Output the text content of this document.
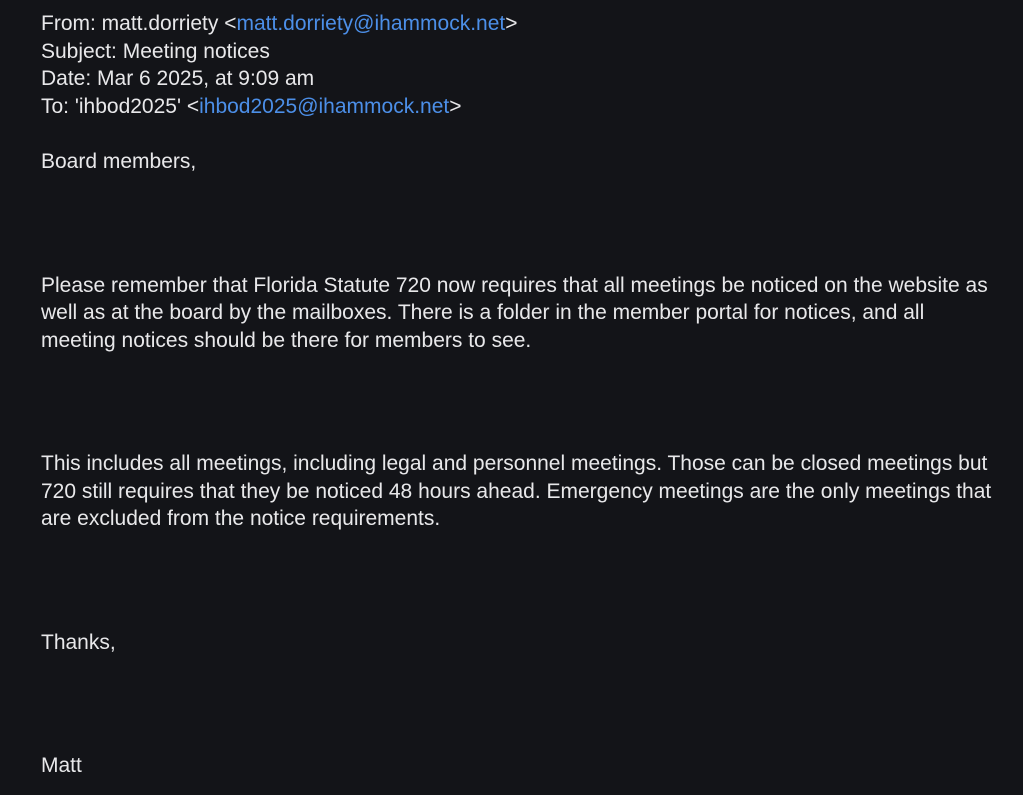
From: matt.dorriety <matt.dorriety@ihammock.net>
Subject: Meeting notices
Date: Mar 6 2025, at 9:09 am
To: 'ihbod2025' <ihbod2025@ihammock.net>

Board members,

Please remember that Florida Statute 720 now requires that all meetings be noticed on the website as well as at the board by the mailboxes. There is a folder in the member portal for notices, and all meeting notices should be there for members to see.

This includes all meetings, including legal and personnel meetings. Those can be closed meetings but 720 still requires that they be noticed 48 hours ahead. Emergency meetings are the only meetings that are excluded from the notice requirements.

Thanks,

Matt
